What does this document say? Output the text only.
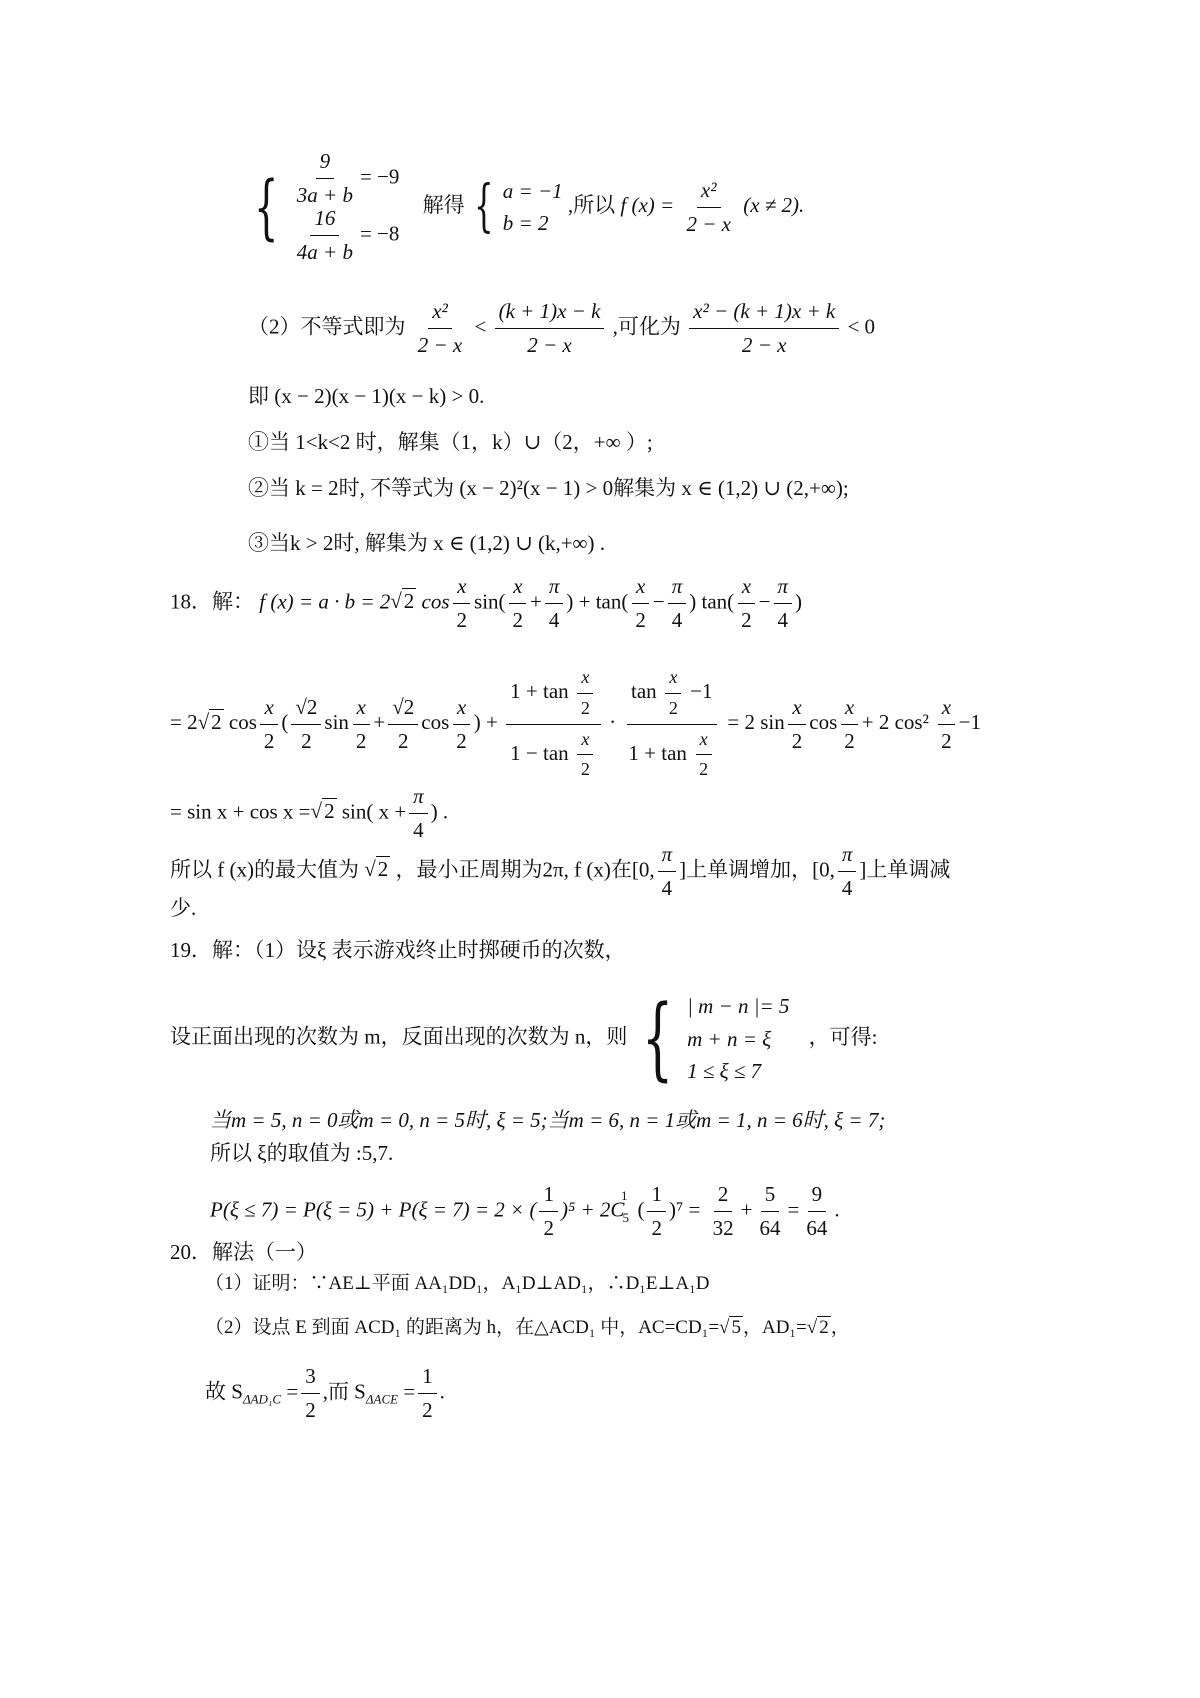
{ $\frac{9}{3a + b} = -9$
$\frac{16}{4a + b} = -8$
解得 { a = −1
b = 2
,所以 f $(x) = \frac{\text{x²}}{2 - x} (x \ne 2)$.
（2）不等式即为 $\frac{\text{x²}}{2 - x} < \frac{(k + 1)x - k}{2 - x}$ ,可化为 $\frac{\text{x² − (k + 1)x + k}}{2 - x} < 0$
即 (x − 2)(x − 1)(x − k) > 0.
①当 1<k<2 时，解集（1，k）∪（2，+∞ ）;
②当 k = 2时, 不等式为 (x − 2)²(x − 1) > 0解集为 x ∈ (1,2) ∪ (2,+∞);
③当k > 2时, 解集为 x ∈ (1,2) ∪ (k,+∞) .
18．解： f (x) = a · b = 2√2 $\cos \frac{x}{2} \sin( \frac{x}{2} + \frac{\pi}{4}$ ) + $\tan( \frac{x}{2} - \frac{\pi}{4}$ ) $\tan( \frac{x}{2} - \frac{\pi}{4}$ )
= 2√2 $\cos \frac{x}{2}$ ( $\frac{√2}{2}$ $\sin \frac{x}{2} + \frac{√2}{2}$ $\cos \frac{x}{2}$ ) + $\frac{1 + \tan \frac{x}{2}}{1 - \tan \frac{x}{2}} \cdot \frac{\tan \frac{x}{2} -1}{1 + \tan \frac{x}{2}} = 2$ $\sin \frac{x}{2}$ $\cos \frac{x}{2} + 2$ $\cos^2 \frac{x}{2} -1$
= sin x + cos x =√2 sin( $x + \frac{\pi}{4}$ ) .
所以 f (x)的最大值为 √2 ，最小正周期为2π, f (x)在[0, $\frac{\pi}{4}$ ]上单调增加，[0, $\frac{\pi}{4}$ ]上单调减
少.
19．解：（1）设ξ 表示游戏终止时掷硬币的次数，
设正面出现的次数为 m，反面出现的次数为 n，则 { | m − n |= 5
m + n = ξ
1 ≤ ξ ≤ 7
，可得:
当m = 5, n = 0或m = 0, n = 5时, ξ = 5;当m = 6, n = 1或m = 1, n = 6时, ξ = 7;
所以 ξ的取值为 :5,7.
P(ξ ≤ 7) = P(ξ = 5) + P(ξ = 7) = 2 × ( $\frac{1}{2} )^5 + 2C_5^1( \frac{1}{2} )^7 = \frac{2}{32} + \frac{5}{64} = \frac{9}{64}$ .
20．解法（一）
（1）证明：∵AE⊥平面 AA₁DD₁，A₁D⊥AD₁，∴D₁E⊥A₁D
（2）设点 E 到面 ACD₁ 的距离为 h，在△ACD₁ 中，AC=CD₁=√ 5 ，AD₁=√ 2 ，
故 $S_{\Delta AD_1C} = \frac{3}{2}$ ,而 $S_{\Delta ACE} = \frac{1}{2}$ .
